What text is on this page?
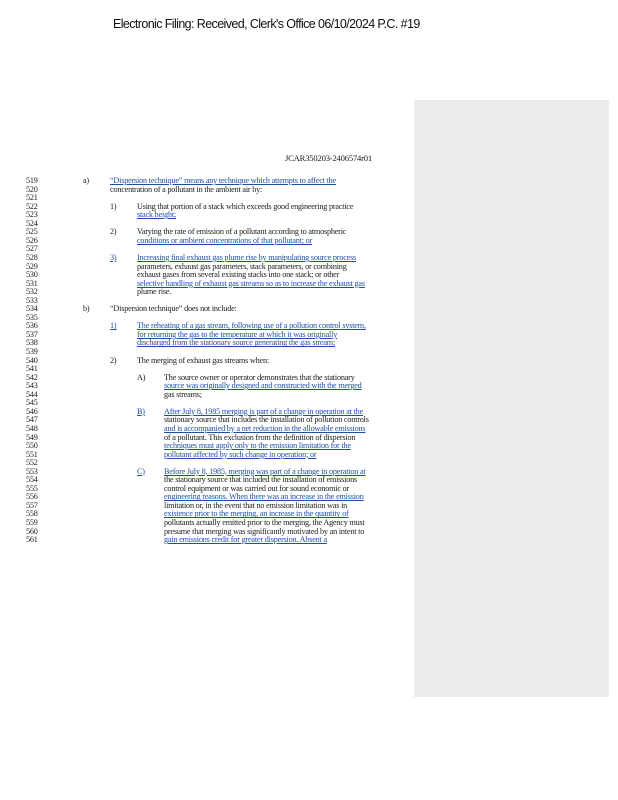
Electronic Filing: Received, Clerk's Office 06/10/2024 P.C. #19
JCAR350203-2406574r01
519	a)	“Dispersion technique” means any technique which attempts to affect the
520	concentration of a pollutant in the ambient air by:
521
522	1)	Using that portion of a stack which exceeds good engineering practice
523	stack height;
524
525	2)	Varying the rate of emission of a pollutant according to atmospheric
526	conditions or ambient concentrations of that pollutant; or
527
528	3)	Increasing final exhaust gas plume rise by manipulating source process
529	parameters, exhaust gas parameters, stack parameters, or combining
530	exhaust gases from several existing stacks into one stack; or other
531	selective handling of exhaust gas streams so as to increase the exhaust gas
532	plume rise.
533
534	b)	“Dispersion technique” does not include:
535
536	1)	The reheating of a gas stream, following use of a pollution control system,
537	for returning the gas to the temperature at which it was originally
538	discharged from the stationary source generating the gas stream;
539
540	2)	The merging of exhaust gas streams when:
541
542	A) The source owner or operator demonstrates that the stationary
543	source was originally designed and constructed with the merged
544	gas streams;
545
546	B) After July 8, 1985 merging is part of a change in operation at the
547	stationary source that includes the installation of pollution controls
548	and is accompanied by a net reduction in the allowable emissions
549	of a pollutant. This exclusion from the definition of dispersion
550	techniques must apply only to the emission limitation for the
551	pollutant affected by such change in operation; or
552
553	C) Before July 8, 1985, merging was part of a change in operation at
554	the stationary source that included the installation of emissions
555	control equipment or was carried out for sound economic or
556	engineering reasons. When there was an increase in the emission
557	limitation or, in the event that no emission limitation was in
558	existence prior to the merging, an increase in the quantity of
559	pollutants actually emitted prior to the merging, the Agency must
560	presume that merging was significantly motivated by an intent to
561	gain emissions credit for greater dispersion. Absent a
